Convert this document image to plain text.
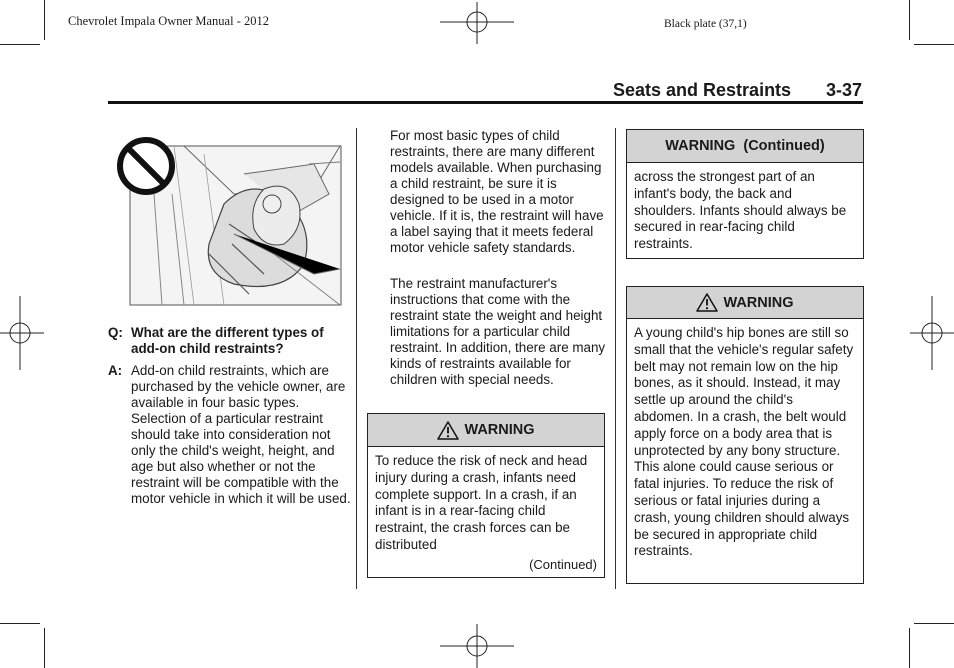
Chevrolet Impala Owner Manual - 2012	Black plate (37,1)
Seats and Restraints 3-37
Q: What are the different types of add-on child restraints?
A: Add-on child restraints, which are purchased by the vehicle owner, are available in four basic types. Selection of a particular restraint should take into consideration not only the child's weight, height, and age but also whether or not the restraint will be compatible with the motor vehicle in which it will be used.
For most basic types of child restraints, there are many different models available. When purchasing a child restraint, be sure it is designed to be used in a motor vehicle. If it is, the restraint will have a label saying that it meets federal motor vehicle safety standards.
The restraint manufacturer's instructions that come with the restraint state the weight and height limitations for a particular child restraint. In addition, there are many kinds of restraints available for children with special needs.
WARNING
To reduce the risk of neck and head injury during a crash, infants need complete support. In a crash, if an infant is in a rear-facing child restraint, the crash forces can be distributed
(Continued)
WARNING  (Continued)
across the strongest part of an infant's body, the back and shoulders. Infants should always be secured in rear-facing child restraints.
WARNING
A young child's hip bones are still so small that the vehicle's regular safety belt may not remain low on the hip bones, as it should. Instead, it may settle up around the child's abdomen. In a crash, the belt would apply force on a body area that is unprotected by any bony structure. This alone could cause serious or fatal injuries. To reduce the risk of serious or fatal injuries during a crash, young children should always be secured in appropriate child restraints.
